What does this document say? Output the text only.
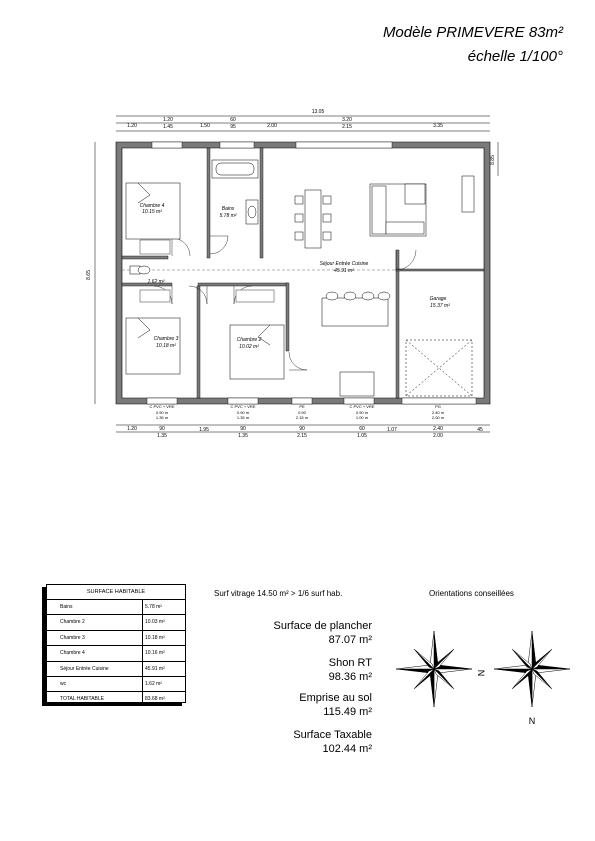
Modèle PRIMEVERE 83m²
échelle 1/100°
13.05
8.65
8.85
1.20	60	3.20
1.20	1.45	1.50	95	2.00	2.15	3.35
Chambre 4
10.15 m²	Bains
5.78 m²
Séjour Entrée Cuisine
45.91 m²
1.62 m²
Chambre 3
10.18 m²
Chambre 2
10.02 m²
Garage
15.37 m²
C PVC + VRE	C PVC + VRE	PE	C PVC + VRE	PG
0.90 m	0.90 m	0.90	0.90 m	2.40 m
1.35 m	1.35 m	2.15 m	1.00 m	2.00 m
1.20	90	90	90	60	2.40
1.35
1.95
1.35	2.15	1.05
1.07
2.00
45
SURFACE HABITABLE
Bains	5.78 m²
Chambre 2	10.03 m²
Chambre 3	10.18 m²
Chambre 4	10.16 m²
Séjour Entrée Cuisine	45.91 m²
wc	1.62 m²
TOTAL HABITABLE	83.68 m²
Surf vitrage 14.50 m² > 1/6 surf hab.	Orientations conseillées
Surface de plancher
87.07 m²
Shon RT
98.36 m²
Emprise au sol
115.49 m²
Surface Taxable
102.44 m²
N
N
